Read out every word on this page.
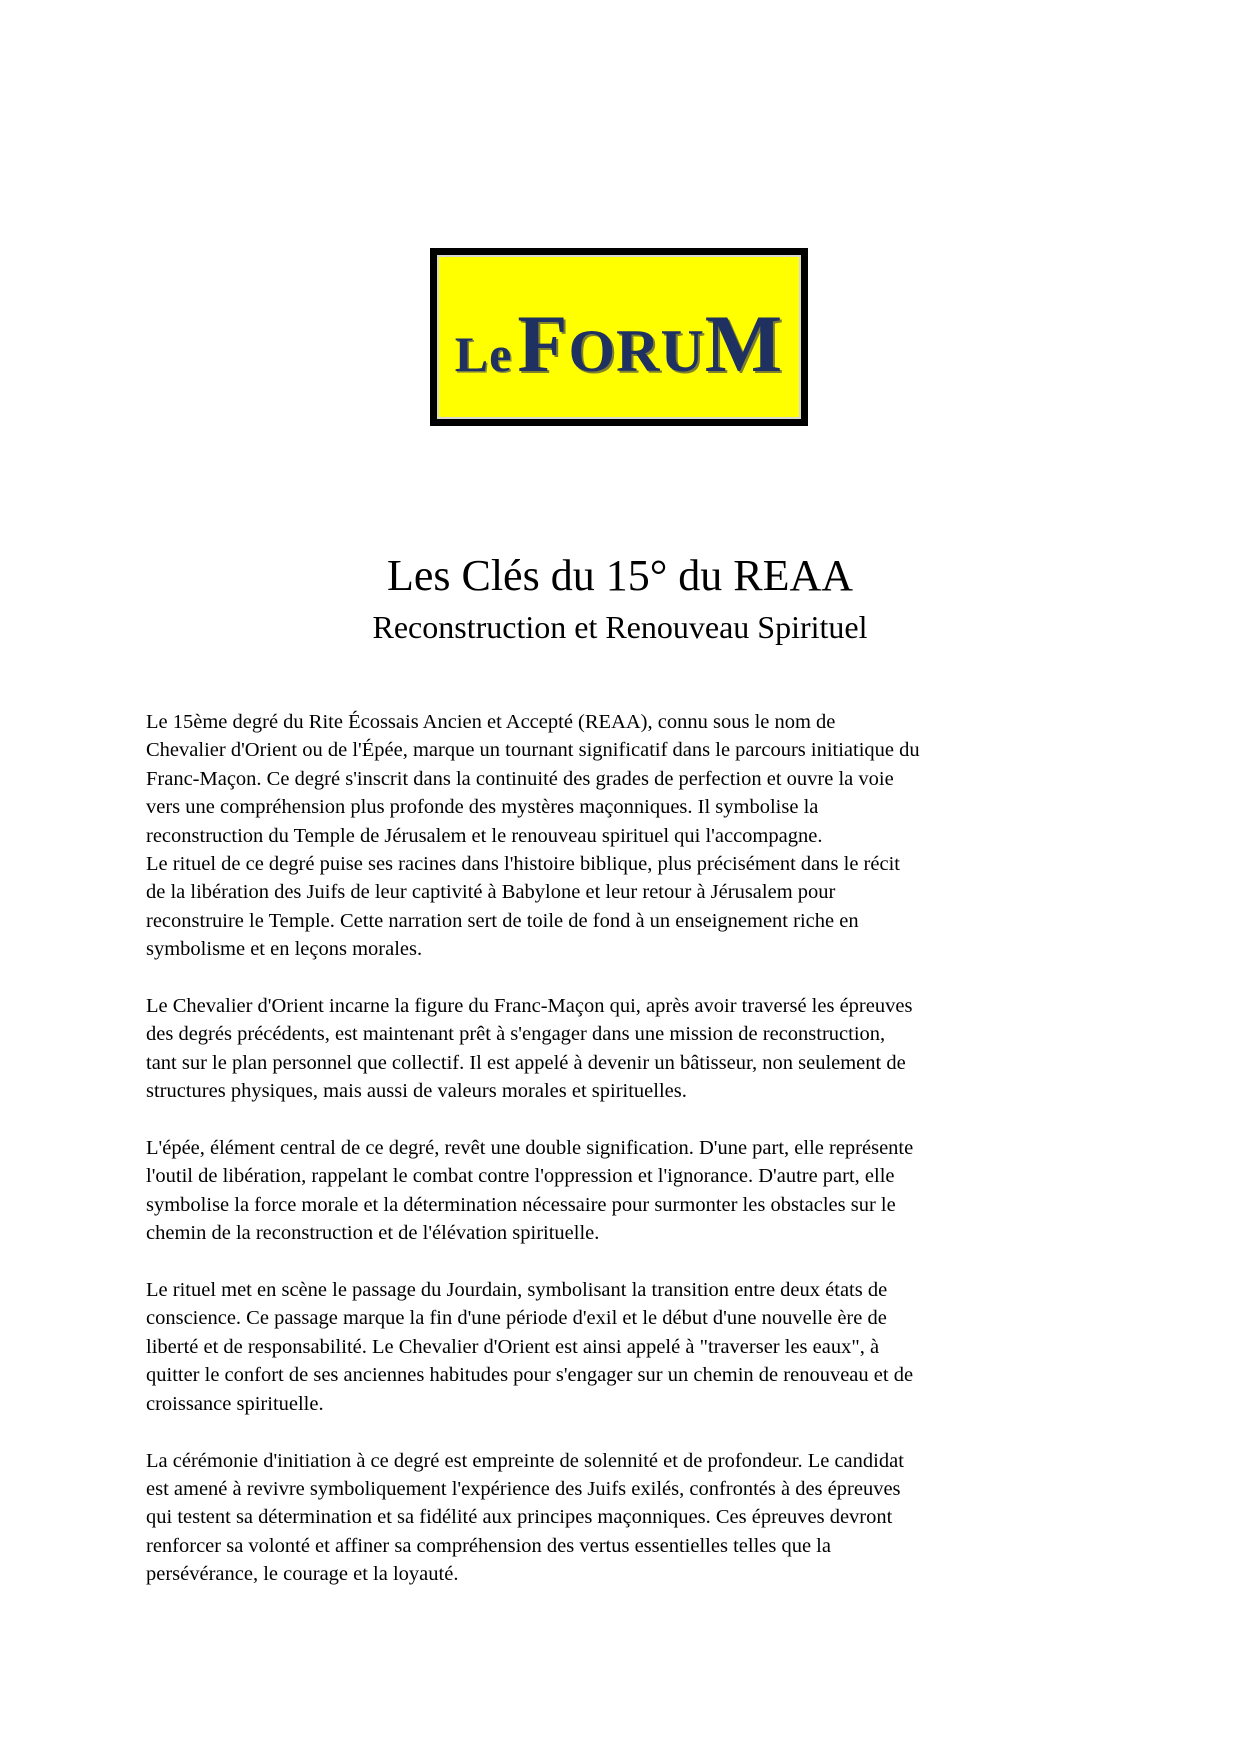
Le FORUM
Les Clés du 15° du REAA
Reconstruction et Renouveau Spirituel

Le 15ème degré du Rite Écossais Ancien et Accepté (REAA), connu sous le nom de
Chevalier d'Orient ou de l'Épée, marque un tournant significatif dans le parcours initiatique du
Franc-Maçon. Ce degré s'inscrit dans la continuité des grades de perfection et ouvre la voie
vers une compréhension plus profonde des mystères maçonniques. Il symbolise la
reconstruction du Temple de Jérusalem et le renouveau spirituel qui l'accompagne.

Le rituel de ce degré puise ses racines dans l'histoire biblique, plus précisément dans le récit
de la libération des Juifs de leur captivité à Babylone et leur retour à Jérusalem pour
reconstruire le Temple. Cette narration sert de toile de fond à un enseignement riche en
symbolisme et en leçons morales.

Le Chevalier d'Orient incarne la figure du Franc-Maçon qui, après avoir traversé les épreuves
des degrés précédents, est maintenant prêt à s'engager dans une mission de reconstruction,
tant sur le plan personnel que collectif. Il est appelé à devenir un bâtisseur, non seulement de
structures physiques, mais aussi de valeurs morales et spirituelles.

L'épée, élément central de ce degré, revêt une double signification. D'une part, elle représente
l'outil de libération, rappelant le combat contre l'oppression et l'ignorance. D'autre part, elle
symbolise la force morale et la détermination nécessaire pour surmonter les obstacles sur le
chemin de la reconstruction et de l'élévation spirituelle.

Le rituel met en scène le passage du Jourdain, symbolisant la transition entre deux états de
conscience. Ce passage marque la fin d'une période d'exil et le début d'une nouvelle ère de
liberté et de responsabilité. Le Chevalier d'Orient est ainsi appelé à "traverser les eaux", à
quitter le confort de ses anciennes habitudes pour s'engager sur un chemin de renouveau et de
croissance spirituelle.

La cérémonie d'initiation à ce degré est empreinte de solennité et de profondeur. Le candidat
est amené à revivre symboliquement l'expérience des Juifs exilés, confrontés à des épreuves
qui testent sa détermination et sa fidélité aux principes maçonniques. Ces épreuves devront
renforcer sa volonté et affiner sa compréhension des vertus essentielles telles que la
persévérance, le courage et la loyauté.
